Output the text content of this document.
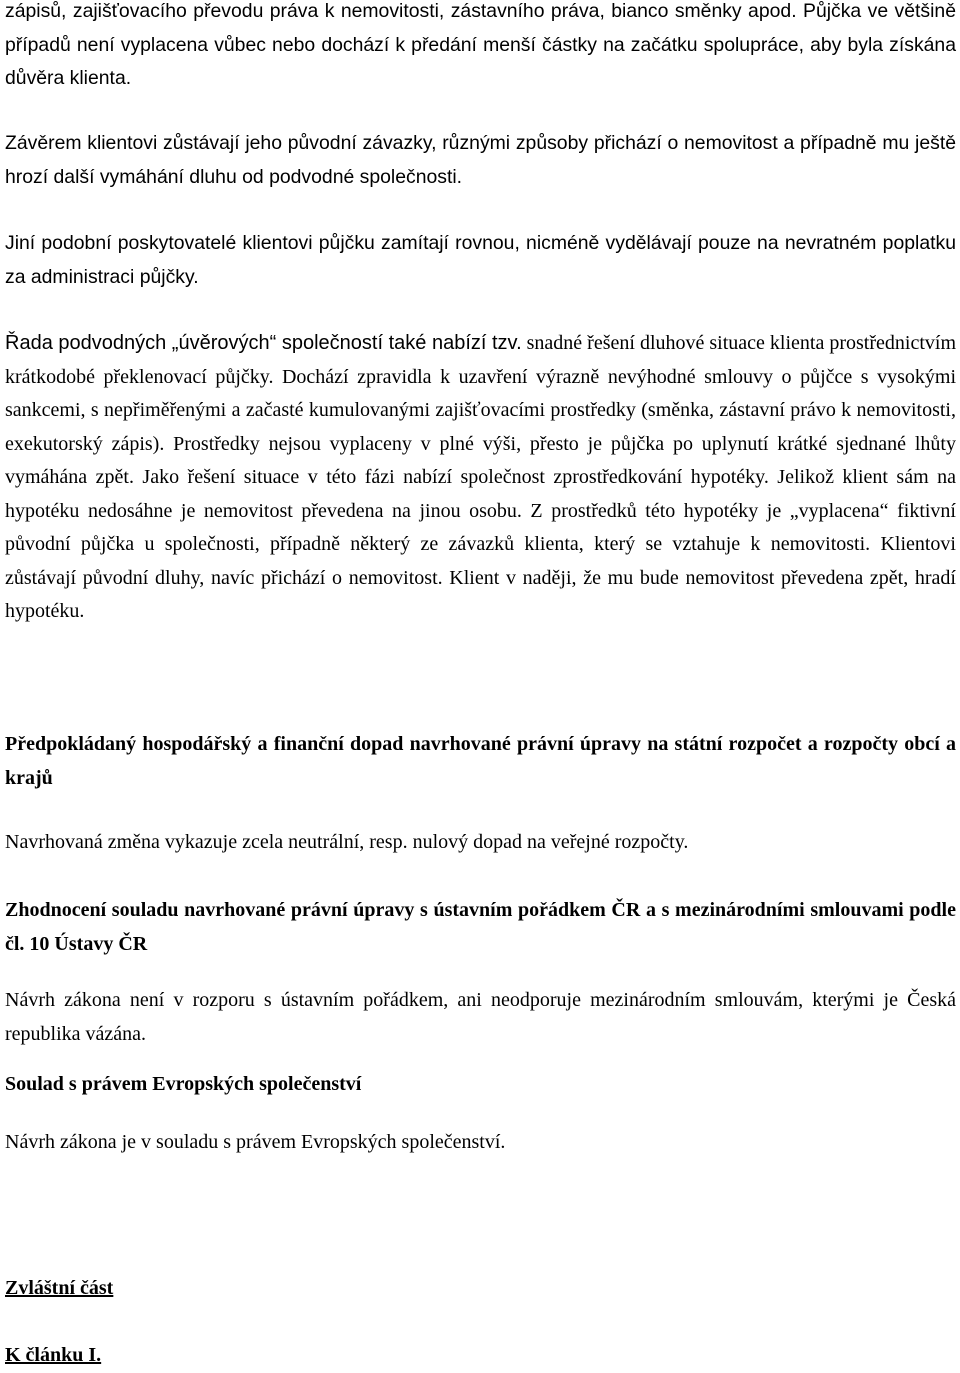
zápisů, zajišťovacího převodu práva k nemovitosti, zástavního práva, bianco směnky apod. Půjčka ve většině případů není vyplacena vůbec nebo dochází k předání menší částky na začátku spolupráce, aby byla získána důvěra klienta.

Závěrem klientovi zůstávají jeho původní závazky, různými způsoby přichází o nemovitost a případně mu ještě hrozí další vymáhání dluhu od podvodné společnosti.

Jiní podobní poskytovatelé klientovi půjčku zamítají rovnou, nicméně vydělávají pouze na nevratném poplatku za administraci půjčky.

Řada podvodných „úvěrových“ společností také nabízí tzv. snadné řešení dluhové situace klienta prostřednictvím krátkodobé překlenovací půjčky. Dochází zpravidla k uzavření výrazně nevýhodné smlouvy o půjčce s vysokými sankcemi, s nepřiměřenými a začasté kumulovanými zajišťovacími prostředky (směnka, zástavní právo k nemovitosti, exekutorský zápis). Prostředky nejsou vyplaceny v plné výši, přesto je půjčka po uplynutí krátké sjednané lhůty vymáhána zpět. Jako řešení situace v této fázi nabízí společnost zprostředkování hypotéky. Jelikož klient sám na hypotéku nedosáhne je nemovitost převedena na jinou osobu. Z prostředků této hypotéky je „vyplacena“ fiktivní původní půjčka u společnosti, případně některý ze závazků klienta, který se vztahuje k nemovitosti. Klientovi zůstávají původní dluhy, navíc přichází o nemovitost. Klient v naději, že mu bude nemovitost převedena zpět, hradí hypotéku.

Předpokládaný hospodářský a finanční dopad navrhované právní úpravy na státní rozpočet a rozpočty obcí a krajů

Navrhovaná změna vykazuje zcela neutrální, resp. nulový dopad na veřejné rozpočty.

Zhodnocení souladu navrhované právní úpravy s ústavním pořádkem ČR a s mezinárodními smlouvami podle čl. 10 Ústavy ČR

Návrh zákona není v rozporu s ústavním pořádkem, ani neodporuje mezinárodním smlouvám, kterými je Česká republika vázána.

Soulad s právem Evropských společenství

Návrh zákona je v souladu s právem Evropských společenství.

Zvláštní část

K článku I.
